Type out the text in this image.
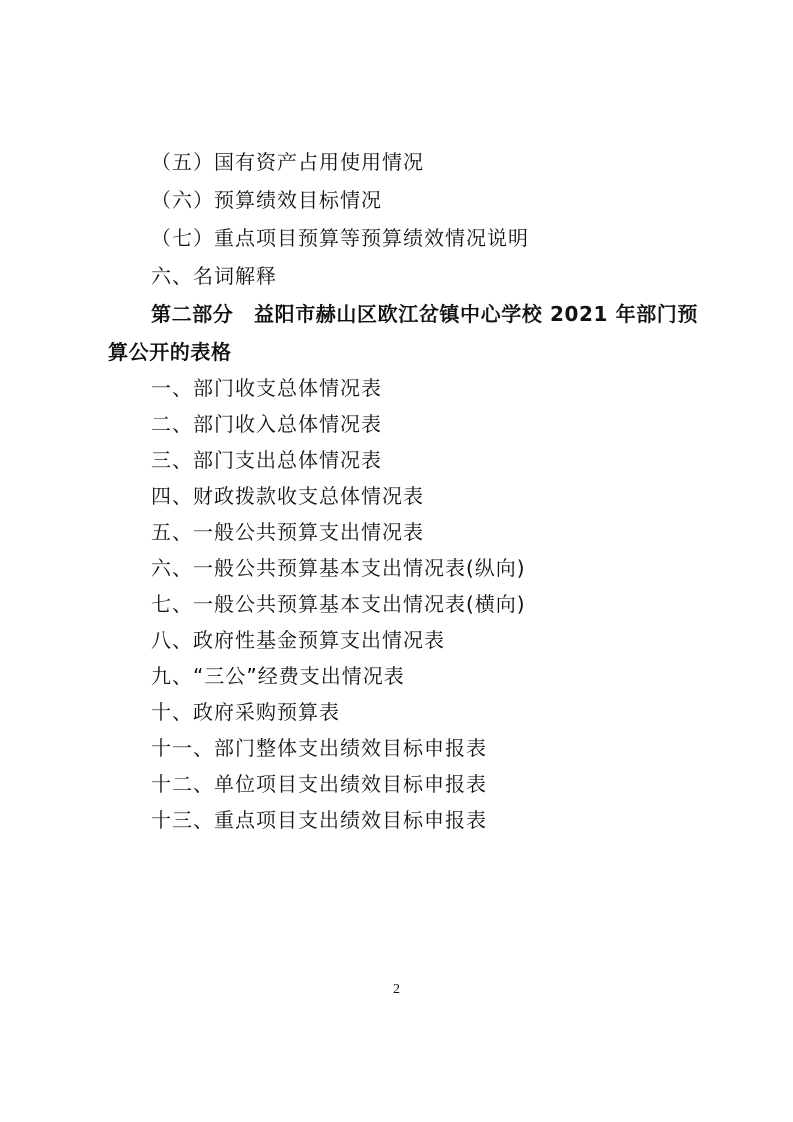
（五）国有资产占用使用情况
（六）预算绩效目标情况
（七）重点项目预算等预算绩效情况说明
六、名词解释
第二部分　益阳市赫山区欧江岔镇中心学校 2021 年部门预
算公开的表格
一、部门收支总体情况表
二、部门收入总体情况表
三、部门支出总体情况表
四、财政拨款收支总体情况表
五、一般公共预算支出情况表
六、一般公共预算基本支出情况表(纵向)
七、一般公共预算基本支出情况表(横向)
八、政府性基金预算支出情况表
九、“三公”经费支出情况表
十、政府采购预算表
十一、部门整体支出绩效目标申报表
十二、单位项目支出绩效目标申报表
十三、重点项目支出绩效目标申报表
2
